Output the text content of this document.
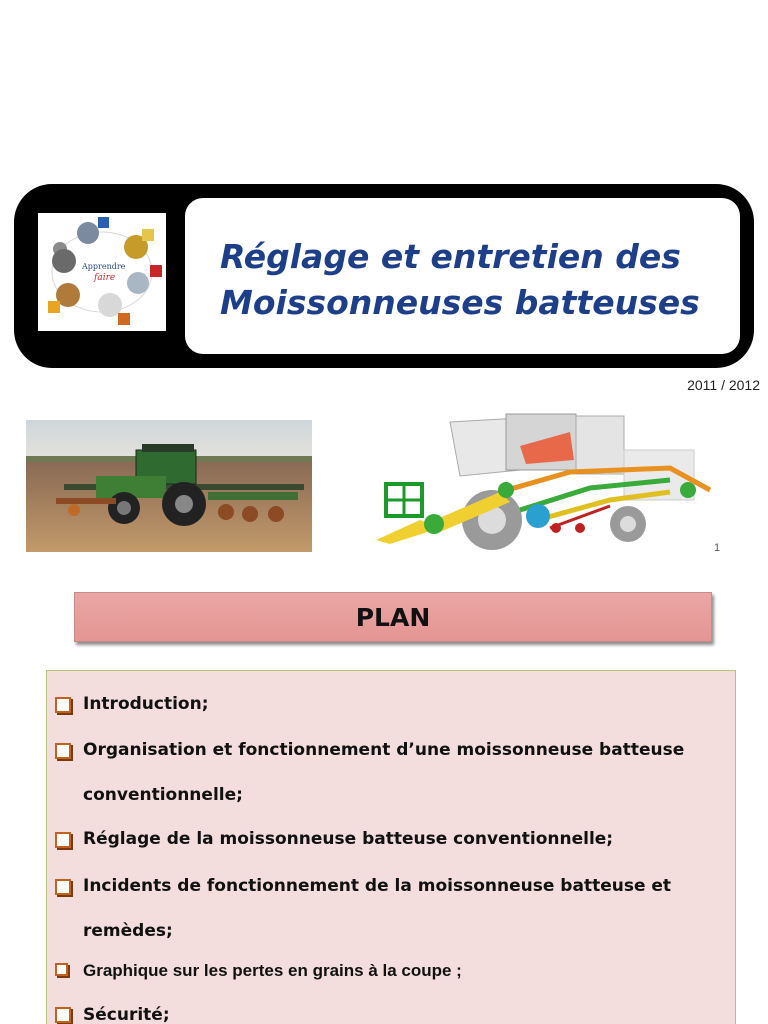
Apprendre
faire
Réglage et entretien des
Moissonneuses batteuses
2011 / 2012
1
PLAN
Introduction;
Organisation et fonctionnement d’une moissonneuse batteuse
conventionnelle;
Réglage de la moissonneuse batteuse conventionnelle;
Incidents de fonctionnement de la moissonneuse batteuse et
remèdes;
Graphique sur les pertes en grains à la coupe ;
Sécurité;
